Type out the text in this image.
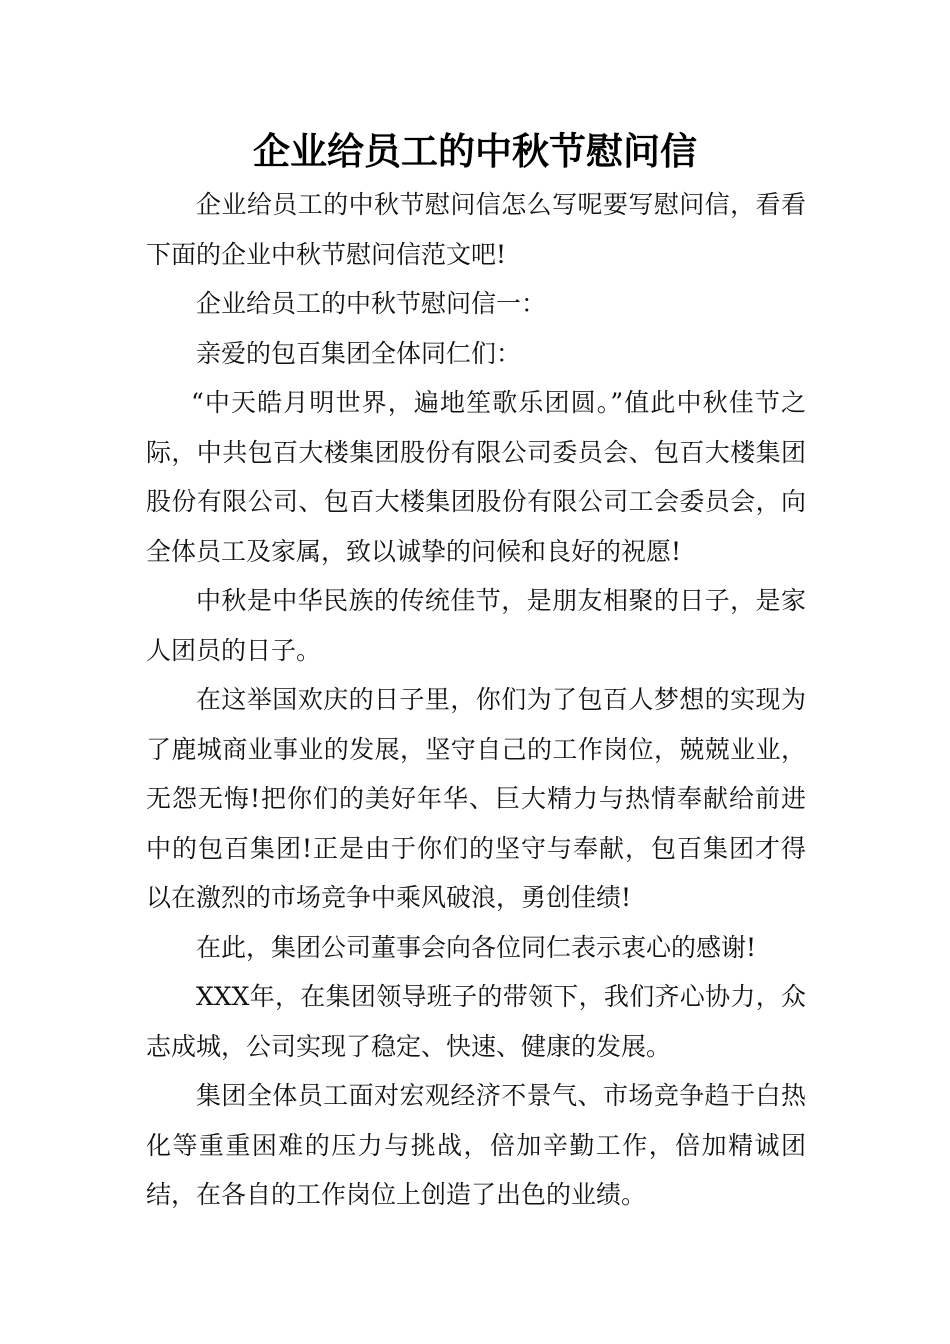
企业给员工的中秋节慰问信

企业给员工的中秋节慰问信怎么写呢要写慰问信，看看下面的企业中秋节慰问信范文吧!

企业给员工的中秋节慰问信一：

亲爱的包百集团全体同仁们：

“中天皓月明世界，遍地笙歌乐团圆。”值此中秋佳节之际，中共包百大楼集团股份有限公司委员会、包百大楼集团股份有限公司、包百大楼集团股份有限公司工会委员会，向全体员工及家属，致以诚挚的问候和良好的祝愿!

中秋是中华民族的传统佳节，是朋友相聚的日子，是家人团员的日子。

在这举国欢庆的日子里，你们为了包百人梦想的实现为了鹿城商业事业的发展，坚守自己的工作岗位，兢兢业业，无怨无悔!把你们的美好年华、巨大精力与热情奉献给前进中的包百集团!正是由于你们的坚守与奉献，包百集团才得以在激烈的市场竞争中乘风破浪，勇创佳绩!

在此，集团公司董事会向各位同仁表示衷心的感谢!

XXX年，在集团领导班子的带领下，我们齐心协力，众志成城，公司实现了稳定、快速、健康的发展。

集团全体员工面对宏观经济不景气、市场竞争趋于白热化等重重困难的压力与挑战，倍加辛勤工作，倍加精诚团结，在各自的工作岗位上创造了出色的业绩。
